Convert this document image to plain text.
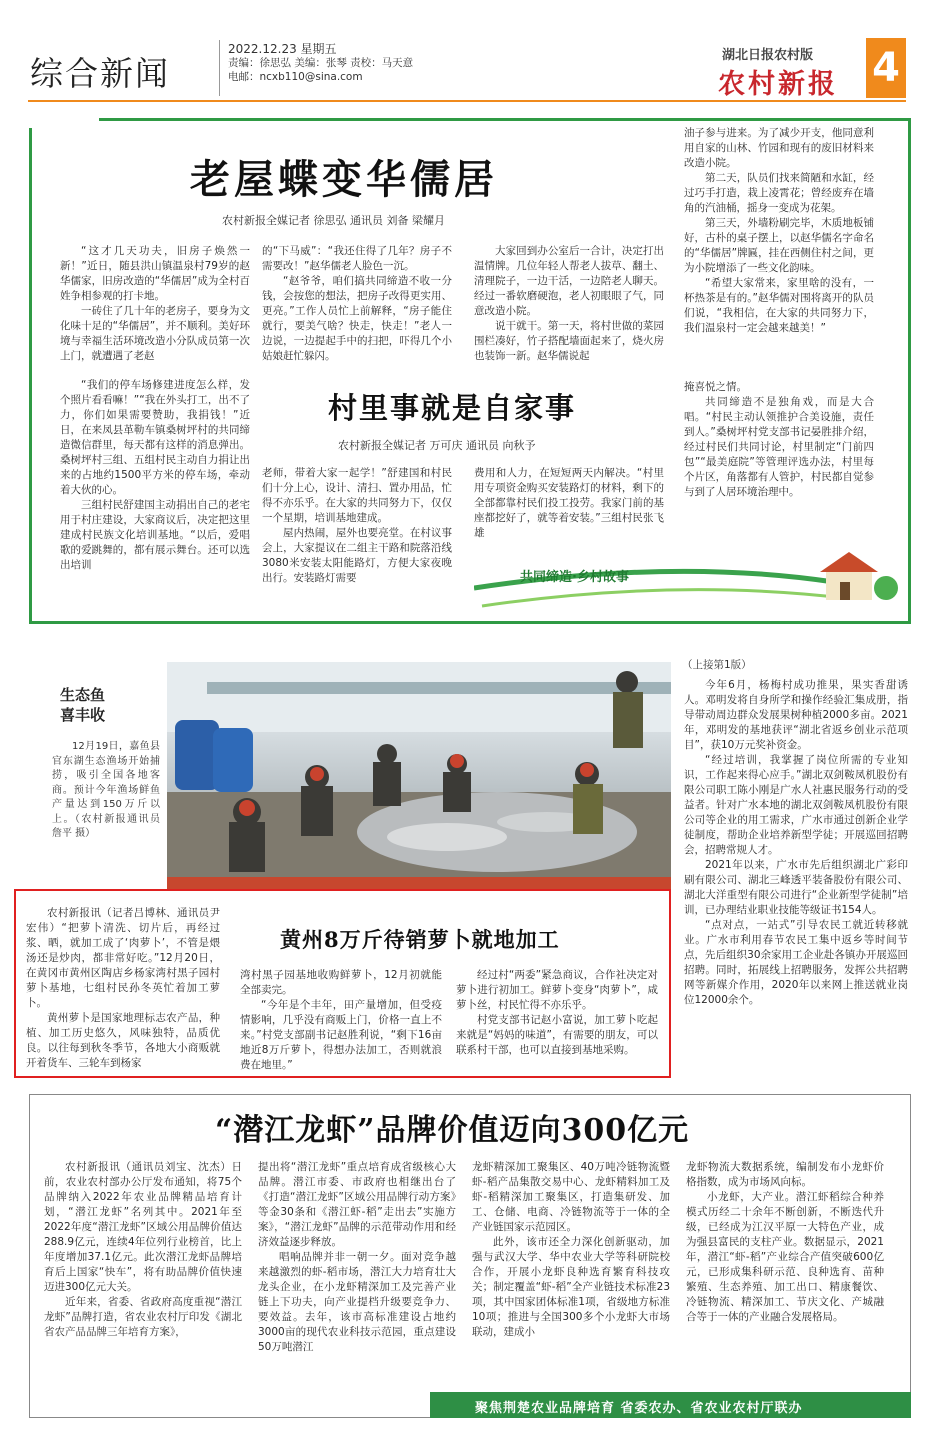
综合新闻
2022.12.23 星期五
责编：徐思弘 美编：张琴 责校：马天意
电邮：ncxb110@sina.com
湖北日报农村版
农村新报 4
老屋蝶变华儒居
农村新报全媒记者 徐思弘 通讯员 刘备 梁耀月

“这才几天功夫，旧房子焕然一新！”近日，随县洪山镇温泉村79岁的赵华儒家，旧房改造的“华儒居”成为全村百姓争相参观的打卡地。

一砖住了几十年的老房子，要身为文化味十足的“华儒居”，并不顺利。美好环境与幸福生活环境改造小分队成员第一次上门，就遭遇了老赵

的“下马威”：“我还住得了几年？房子不需要改！”赵华儒老人脸色一沉。

“赵爷爷，咱们搞共同缔造不收一分钱，会按您的想法，把房子改得更实用、更亮。”工作人员忙上前解释，“房子能住就行，要美气啥？快走，快走！”老人一边说，一边提起手中的扫把，吓得几个小姑娘赶忙躲闪。

大家回到办公室后一合计，决定打出温情牌。几位年轻人帮老人拔草、翻土、清理院子，一边干活，一边陪老人聊天。经过一番软磨硬泡，老人初眼眼了气，同意改造小院。

说干就干。第一天，将村世做的菜园围栏凑好，竹子搭配墙面起来了，烧火房也装饰一新。赵华儒说起

油子参与进来。为了减少开支，他同意利用自家的山林、竹园和现有的废旧材料来改造小院。

第二天，队员们找来简陋和水缸，经过巧手打造，栽上凌霄花；曾经废弃在墙角的汽油桶，摇身一变成为花架。

第三天，外墙粉刷完毕，木质地板铺好，古朴的桌子摆上，以赵华儒名字命名的“华儒居”牌匾，挂在西侧住村之间，更为小院增添了一些文化韵味。

“希望大家常来，家里啥的没有，一杯热茶是有的。”赵华儒对围将离开的队员们说，“我相信，在大家的共同努力下，我们温泉村一定会越来越美！”

村里事就是自家事
农村新报全媒记者 万可庆 通讯员 向秋予

“我们的停车场修建进度怎么样，发个照片看看嘛！”“我在外头打工，出不了力，你们如果需要赞助，我捐钱！”近日，在来凤县革勒车镇桑树坪村的共同缔造微信群里，每天都有这样的消息弹出。桑树坪村三组、五组村民主动自力捐让出来的占地约1500平方米的停车场，牵动着大伙的心。

三组村民舒建国主动捐出自己的老宅用于村庄建设，大家商议后，决定把这里建成村民族文化培训基地。“以后，爱唱歌的爱跳舞的，都有展示舞台。还可以选出培训

老师，带着大家一起学！”舒建国和村民们十分上心，设计、清扫、置办用品，忙得不亦乐乎。在大家的共同努力下，仅仅一个星期，培训基地建成。

屋内热闹，屋外也要亮堂。在村议事会上，大家提议在二组主干路和院落沿线3080米安装太阳能路灯，方便大家夜晚出行。安装路灯需要

费用和人力，在短短两天内解决。“村里用专项资金购买安装路灯的材料，剩下的全部都靠村民们投工投劳。我家门前的基座都挖好了，就等着安装。”三组村民张飞雄

掩喜悦之情。

共同缔造不是独角戏，而是大合唱。“村民主动认领推护合美设施，责任到人。”桑树坪村党支部书记晏胜排介绍，经过村民们共同讨论，村里制定“门前四包”“最美庭院”等管理评选办法，村里每个片区，角落都有人管护，村民都自觉参与到了人居环境治理中。

共同缔造·乡村故事
生态鱼
喜丰收
12月19日，嘉鱼县官东湖生态渔场开始捕捞，吸引全国各地客商。预计今年渔场鲜鱼产量达到150万斤以上。（农村新报通讯员 詹平 摄）
（上接第1版）

今年6月，杨梅村成功推果，果实香甜诱人。邓明发将自身所学和操作经验汇集成册，指导带动周边群众发展果树种植2000多亩。2021年，邓明发的基地获评“湖北省返乡创业示范项目”，获10万元奖补资金。

“经过培训，我掌握了岗位所需的专业知识，工作起来得心应手。”湖北双剑鞍凤机股份有限公司职工陈小刚是广水人社惠民服务行动的受益者。针对广水本地的湖北双剑鞍凤机股份有限公司等企业的用工需求，广水市通过创新企业学徒制度，帮助企业培养新型学徒；开展巡回招聘会，招聘常规人才。

2021年以来，广水市先后组织湖北广彩印刷有限公司、湖北三峰透平装备股份有限公司、湖北大洋重型有限公司进行“企业新型学徒制”培训，已办理结业职业技能等级证书154人。

“点对点，一站式”引导农民工就近转移就业。广水市利用春节农民工集中返乡等时间节点，先后组织30余家用工企业赴各镇办开展巡回招聘。同时，拓展线上招聘服务，发挥公共招聘网等新媒介作用，2020年以来网上推送就业岗位12000余个。

农村新报讯（记者吕博林、通讯员尹宏伟）“把萝卜清洗、切片后，再经过浆、晒，就加工成了‘肉萝卜’，不管是煨汤还是炒肉，都非常好吃。”12月20日，在黄冈市黄州区陶店乡杨家湾村黑子园村萝卜基地，七组村民孙冬英忙着加工萝卜。

黄州萝卜是国家地理标志农产品，种植、加工历史悠久，风味独特，品质优良。以往每到秋冬季节，各地大小商贩就开着货车、三轮车到杨家

黄州8万斤待销萝卜就地加工

湾村黑子园基地收购鲜萝卜，12月初就能全部卖完。

“今年是个丰年，田产量增加，但受疫情影响，几乎没有商贩上门，价格一直上不来。”村党支部副书记赵胜利说，“剩下16亩地近8万斤萝卜，得想办法加工，否则就浪费在地里。”

经过村“两委”紧急商议，合作社决定对萝卜进行初加工。鲜萝卜变身“肉萝卜”，咸萝卜丝，村民忙得不亦乐乎。

村党支部书记赵小富说，加工萝卜吃起来就是“妈妈的味道”，有需要的朋友，可以联系村干部，也可以直接到基地采购。

“潜江龙虾”品牌价值迈向300亿元

农村新报讯（通讯员刘宝、沈杰）日前，农业农村部办公厅发布通知，将75个品牌纳入2022年农业品牌精品培育计划，“潜江龙虾”名列其中。2021年至2022年度“潜江龙虾”区域公用品牌价值达288.9亿元，连续4年位列行业榜首，比上年度增加37.1亿元。此次潜江龙虾品牌培育后上国家“快车”，将有助品牌价值快速迈进300亿元大关。

近年来，省委、省政府高度重视“潜江龙虾”品牌打造，省农业农村厅印发《湖北省农产品品牌三年培育方案》，

提出将“潜江龙虾”重点培育成省级核心大品牌。潜江市委、市政府也相继出台了《打造“潜江龙虾”区域公用品牌行动方案》等金30条和《潜江虾-稻”走出去”实施方案》，“潜江龙虾”品牌的示范带动作用和经济效益逐步释放。

唱响品牌并非一朝一夕。面对竞争越来越激烈的虾-稻市场，潜江大力培育壮大龙头企业，在小龙虾精深加工及完善产业链上下功夫，向产业提档升级要竞争力、要效益。去年，该市高标准建设占地约3000亩的现代农业科技示范园，重点建设50万吨潜江

龙虾精深加工聚集区、40万吨冷链物流暨虾-稻产品集散交易中心、龙虾精料加工及虾-稻精深加工聚集区，打造集研发、加工、仓储、电商、冷链物流等于一体的全产业链国家示范园区。

此外，该市还全力深化创新驱动，加强与武汉大学、华中农业大学等科研院校合作，开展小龙虾良种选育繁育科技攻关；制定覆盖“虾-稻”全产业链技术标准23项，其中国家团体标准1项，省级地方标准10项；推进与全国300多个小龙虾大市场联动，建成小

龙虾物流大数据系统，编制发布小龙虾价格指数，成为市场风向标。

小龙虾，大产业。潜江虾稻综合种养模式历经二十余年不断创新，不断迭代升级，已经成为江汉平原一大特色产业，成为强县富民的支柱产业。数据显示，2021年，潜江“虾-稻”产业综合产值突破600亿元，已形成集科研示范、良种选育、苗种繁殖、生态养殖、加工出口、精康餐饮、冷链物流、精深加工、节庆文化、产城融合等于一体的产业融合发展格局。

聚焦荆楚农业品牌培育 省委农办、省农业农村厅联办
